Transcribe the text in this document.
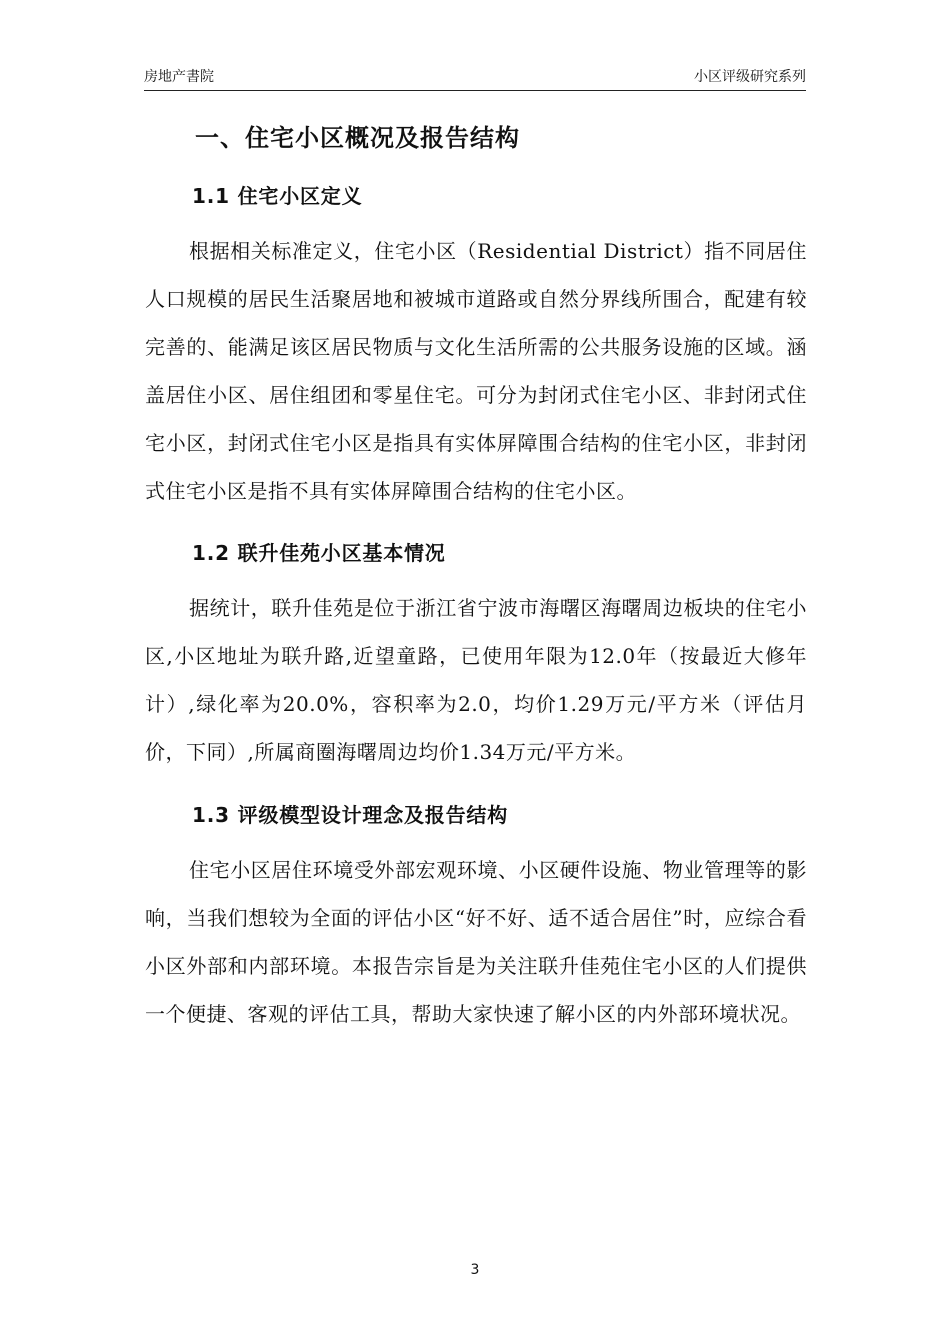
房地产書院	小区评级研究系列
一、住宅小区概况及报告结构
1.1 住宅小区定义

根据相关标准定义，住宅小区（Residential District）指不同居住人口规模的居民生活聚居地和被城市道路或自然分界线所围合，配建有较完善的、能满足该区居民物质与文化生活所需的公共服务设施的区域。涵盖居住小区、居住组团和零星住宅。可分为封闭式住宅小区、非封闭式住宅小区，封闭式住宅小区是指具有实体屏障围合结构的住宅小区，非封闭式住宅小区是指不具有实体屏障围合结构的住宅小区。

1.2 联升佳苑小区基本情况

据统计，联升佳苑是位于浙江省宁波市海曙区海曙周边板块的住宅小区,小区地址为联升路,近望童路，已使用年限为12.0年（按最近大修年计）,绿化率为20.0%，容积率为2.0，均价1.29万元/平方米（评估月价，下同）,所属商圈海曙周边均价1.34万元/平方米。

1.3 评级模型设计理念及报告结构

住宅小区居住环境受外部宏观环境、小区硬件设施、物业管理等的影响，当我们想较为全面的评估小区“好不好、适不适合居住”时，应综合看小区外部和内部环境。本报告宗旨是为关注联升佳苑住宅小区的人们提供一个便捷、客观的评估工具，帮助大家快速了解小区的内外部环境状况。

3
